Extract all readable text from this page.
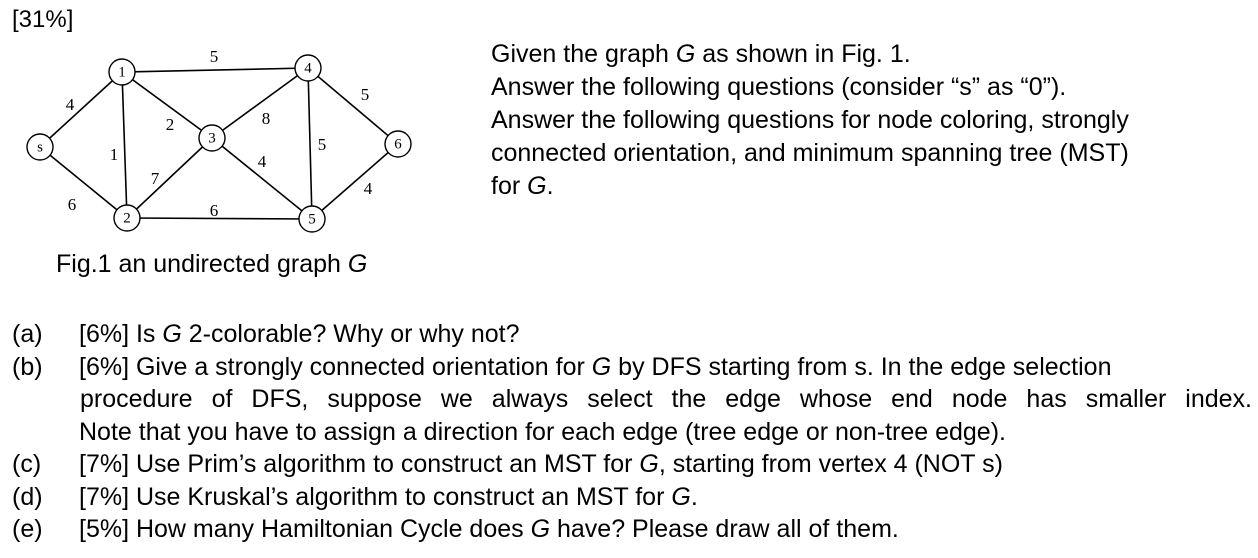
[31%]
4
6
1
2
5
7
6
8
4
5
5
4
s
1
2
3
4
5
6
Fig.1 an undirected graph G
Given the graph G as shown in Fig. 1.
Answer the following questions (consider “s” as “0”).
Answer the following questions for node coloring, strongly
connected orientation, and minimum spanning tree (MST)
for G.
(a) [6%] Is G 2-colorable? Why or why not?
(b) [6%] Give a strongly connected orientation for G by DFS starting from s. In the edge selection
procedure of DFS, suppose we always select the edge whose end node has smaller index.
Note that you have to assign a direction for each edge (tree edge or non-tree edge).
(c) [7%] Use Prim’s algorithm to construct an MST for G, starting from vertex 4 (NOT s)
(d) [7%] Use Kruskal’s algorithm to construct an MST for G.
(e) [5%] How many Hamiltonian Cycle does G have? Please draw all of them.
